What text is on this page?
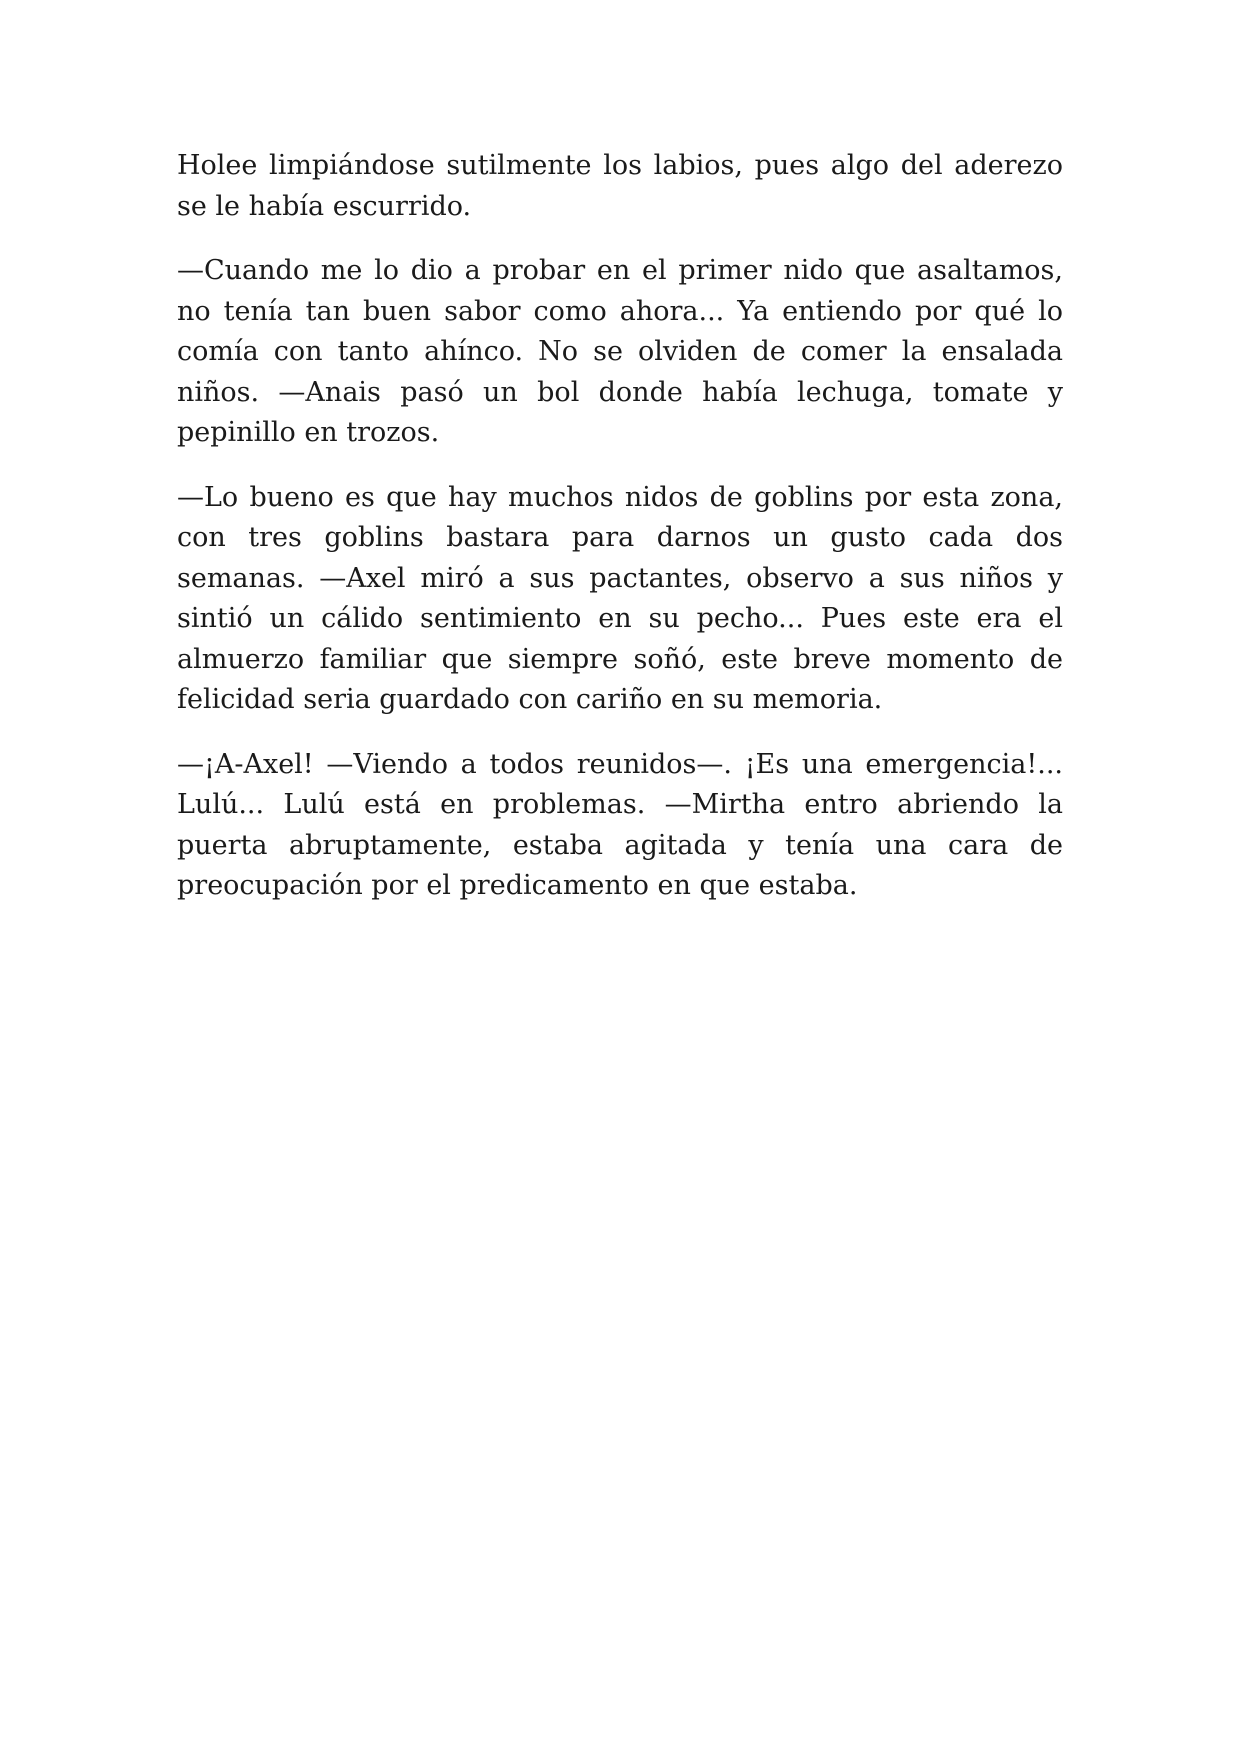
Holee limpiándose sutilmente los labios, pues algo del aderezo se le había escurrido.

—Cuando me lo dio a probar en el primer nido que asaltamos, no tenía tan buen sabor como ahora... Ya entiendo por qué lo comía con tanto ahínco. No se olviden de comer la ensalada niños. —Anais pasó un bol donde había lechuga, tomate y pepinillo en trozos.

—Lo bueno es que hay muchos nidos de goblins por esta zona, con tres goblins bastara para darnos un gusto cada dos semanas. —Axel miró a sus pactantes, observo a sus niños y sintió un cálido sentimiento en su pecho... Pues este era el almuerzo familiar que siempre soñó, este breve momento de felicidad seria guardado con cariño en su memoria.

—¡A-Axel! —Viendo a todos reunidos—. ¡Es una emergencia!... Lulú... Lulú está en problemas. —Mirtha entro abriendo la puerta abruptamente, estaba agitada y tenía una cara de preocupación por el predicamento en que estaba.
